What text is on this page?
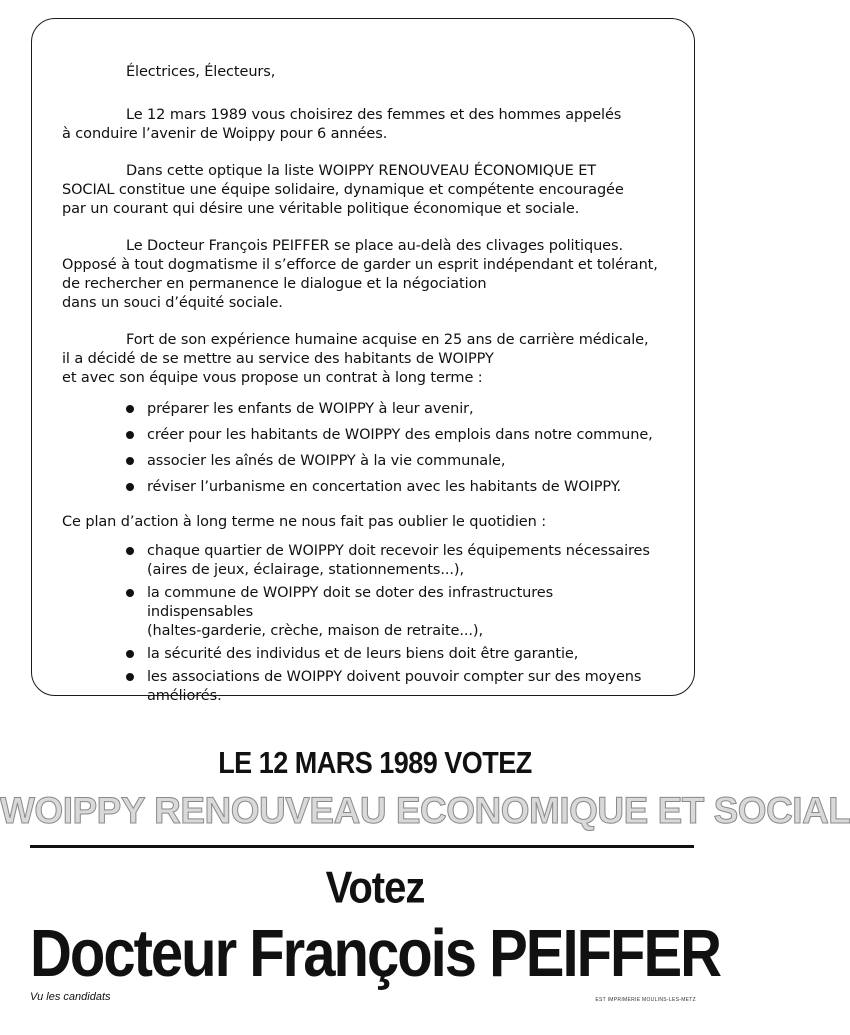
Électrices, Électeurs,

Le 12 mars 1989 vous choisirez des femmes et des hommes appelés
à conduire l’avenir de Woippy pour 6 années.

Dans cette optique la liste WOIPPY RENOUVEAU ÉCONOMIQUE ET
SOCIAL constitue une équipe solidaire, dynamique et compétente encouragée
par un courant qui désire une véritable politique économique et sociale.

Le Docteur François PEIFFER se place au-delà des clivages politiques.
Opposé à tout dogmatisme il s’efforce de garder un esprit indépendant et tolérant,
de rechercher en permanence le dialogue et la négociation
dans un souci d’équité sociale.

Fort de son expérience humaine acquise en 25 ans de carrière médicale,
il a décidé de se mettre au service des habitants de WOIPPY
et avec son équipe vous propose un contrat à long terme :

préparer les enfants de WOIPPY à leur avenir,
créer pour les habitants de WOIPPY des emplois dans notre commune,
associer les aînés de WOIPPY à la vie communale,
réviser l’urbanisme en concertation avec les habitants de WOIPPY.

Ce plan d’action à long terme ne nous fait pas oublier le quotidien :

chaque quartier de WOIPPY doit recevoir les équipements nécessaires
(aires de jeux, éclairage, stationnements...),
la commune de WOIPPY doit se doter des infrastructures indispensables
(haltes-garderie, crèche, maison de retraite...),
la sécurité des individus et de leurs biens doit être garantie,
les associations de WOIPPY doivent pouvoir compter sur des moyens
améliorés.
LE 12 MARS 1989 VOTEZ
WOIPPY RENOUVEAU ECONOMIQUE ET SOCIAL
Votez
Docteur François PEIFFER
Vu les candidats	EST IMPRIMERIE MOULINS-LES-METZ
